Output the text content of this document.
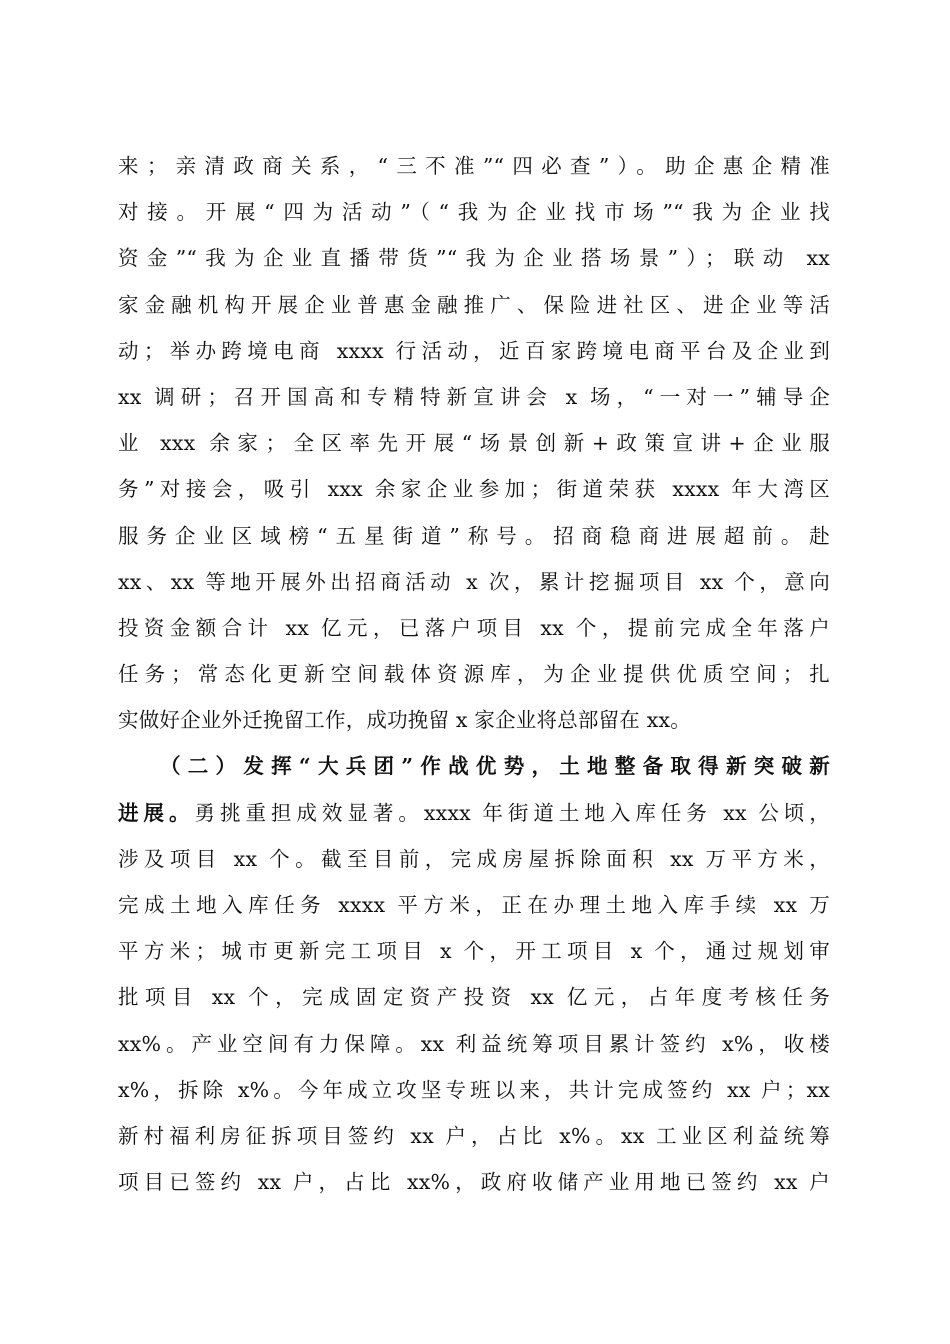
来；亲清政商关系，“三不准”“四必查”）。助企惠企精准
对接。开展“四为活动”（“我为企业找市场”“我为企业找
资金”“我为企业直播带货”“我为企业搭场景”）；联动 xx
家金融机构开展企业普惠金融推广、保险进社区、进企业等活
动；举办跨境电商 xxxx 行活动，近百家跨境电商平台及企业到
xx 调研；召开国高和专精特新宣讲会 x 场，“一对一”辅导企
业 xxx 余家；全区率先开展“场景创新+政策宣讲+企业服
务”对接会，吸引 xxx 余家企业参加；街道荣获 xxxx 年大湾区
服务企业区域榜“五星街道”称号。招商稳商进展超前。赴
xx、xx 等地开展外出招商活动 x 次，累计挖掘项目 xx 个，意向
投资金额合计 xx 亿元，已落户项目 xx 个，提前完成全年落户
任务；常态化更新空间载体资源库，为企业提供优质空间；扎
实做好企业外迁挽留工作，成功挽留 x 家企业将总部留在 xx。
（二）发挥“大兵团”作战优势，土地整备取得新突破新
进展。勇挑重担成效显著。xxxx 年街道土地入库任务 xx 公顷，
涉及项目 xx 个。截至目前，完成房屋拆除面积 xx 万平方米，
完成土地入库任务 xxxx 平方米，正在办理土地入库手续 xx 万
平方米；城市更新完工项目 x 个，开工项目 x 个，通过规划审
批项目 xx 个，完成固定资产投资 xx 亿元，占年度考核任务
xx%。产业空间有力保障。xx 利益统筹项目累计签约 x%，收楼
x%，拆除 x%。今年成立攻坚专班以来，共计完成签约 xx 户；xx
新村福利房征拆项目签约 xx 户，占比 x%。xx 工业区利益统筹
项目已签约 xx 户，占比 xx%，政府收储产业用地已签约 xx 户
